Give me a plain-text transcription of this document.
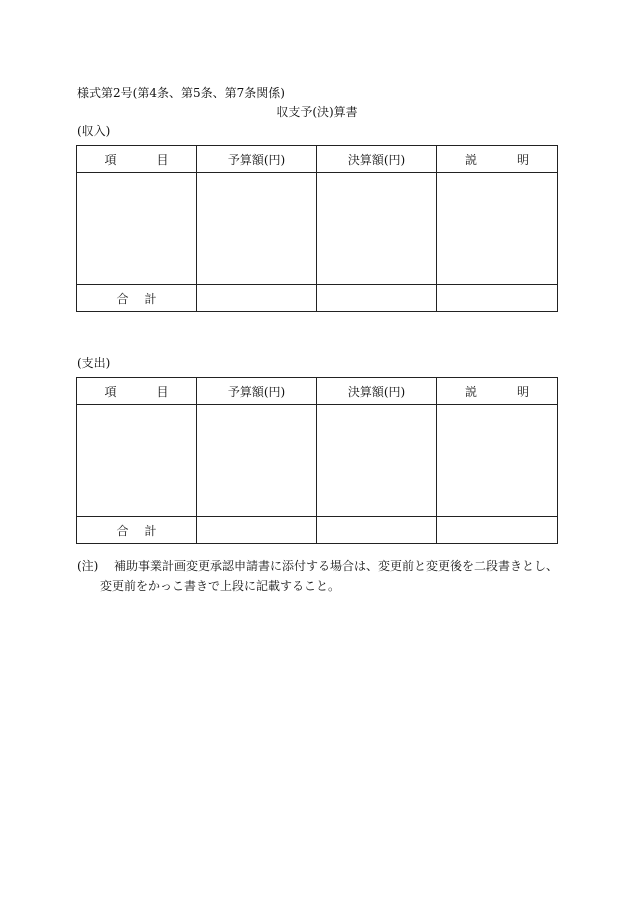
様式第2号(第4条、第5条、第7条関係)
収支予(決)算書
(収入)
項 目	予算額(円)	決算額(円)	説 明

合 計			

(支出)
項 目	予算額(円)	決算額(円)	説 明

合 計			

(注)	補助事業計画変更承認申請書に添付する場合は、変更前と変更後を二段書きとし、
変更前をかっこ書きで上段に記載すること。
